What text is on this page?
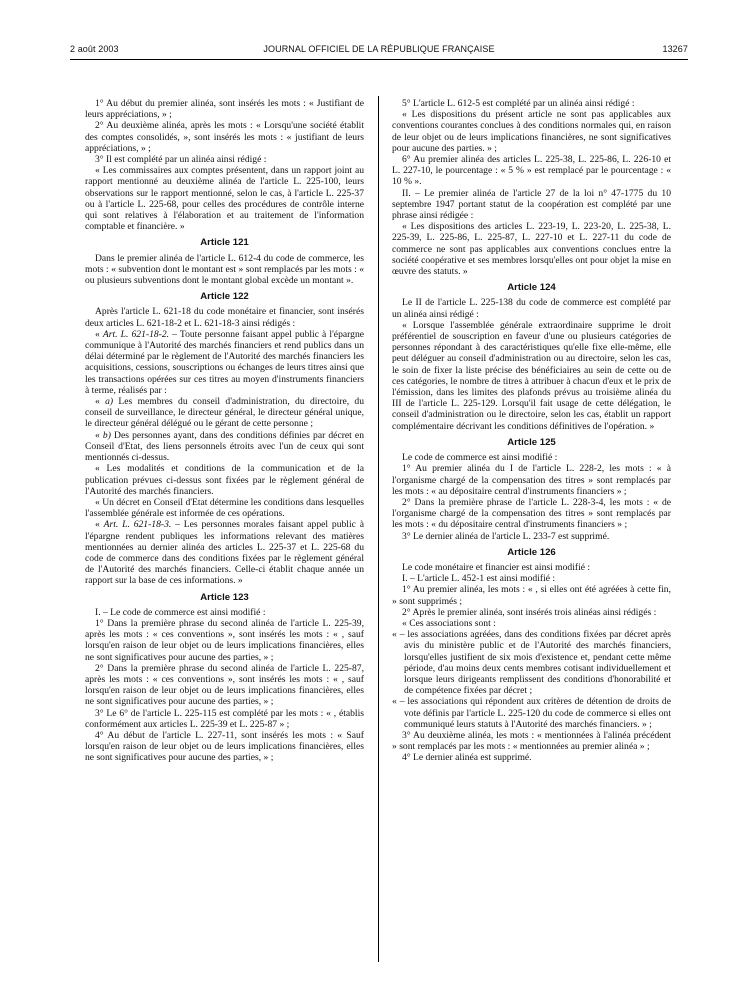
2 août 2003	JOURNAL OFFICIEL DE LA RÉPUBLIQUE FRANÇAISE	13267

1° Au début du premier alinéa, sont insérés les mots : « Justifiant de leurs appréciations, » ;

2° Au deuxième alinéa, après les mots : « Lorsqu'une société établit des comptes consolidés, », sont insérés les mots : « justifiant de leurs appréciations, » ;

3° Il est complété par un alinéa ainsi rédigé :

« Les commissaires aux comptes présentent, dans un rapport joint au rapport mentionné au deuxième alinéa de l'article L. 225-100, leurs observations sur le rapport mentionné, selon le cas, à l'article L. 225-37 ou à l'article L. 225-68, pour celles des procédures de contrôle interne qui sont relatives à l'élaboration et au traitement de l'information comptable et financière. »

Article 121

Dans le premier alinéa de l'article L. 612-4 du code de commerce, les mots : « subvention dont le montant est » sont remplacés par les mots : « ou plusieurs subventions dont le montant global excède un montant ».

Article 122

Après l'article L. 621-18 du code monétaire et financier, sont insérés deux articles L. 621-18-2 et L. 621-18-3 ainsi rédigés :

« Art. L. 621-18-2. – Toute personne faisant appel public à l'épargne communique à l'Autorité des marchés financiers et rend publics dans un délai déterminé par le règlement de l'Autorité des marchés financiers les acquisitions, cessions, souscriptions ou échanges de leurs titres ainsi que les transactions opérées sur ces titres au moyen d'instruments financiers à terme, réalisés par :

« a) Les membres du conseil d'administration, du directoire, du conseil de surveillance, le directeur général, le directeur général unique, le directeur général délégué ou le gérant de cette personne ;

« b) Des personnes ayant, dans des conditions définies par décret en Conseil d'Etat, des liens personnels étroits avec l'un de ceux qui sont mentionnés ci-dessus.

« Les modalités et conditions de la communication et de la publication prévues ci-dessus sont fixées par le règlement général de l'Autorité des marchés financiers.

« Un décret en Conseil d'Etat détermine les conditions dans lesquelles l'assemblée générale est informée de ces opérations.

« Art. L. 621-18-3. – Les personnes morales faisant appel public à l'épargne rendent publiques les informations relevant des matières mentionnées au dernier alinéa des articles L. 225-37 et L. 225-68 du code de commerce dans des conditions fixées par le règlement général de l'Autorité des marchés financiers. Celle-ci établit chaque année un rapport sur la base de ces informations. »

Article 123

I. – Le code de commerce est ainsi modifié :

1° Dans la première phrase du second alinéa de l'article L. 225-39, après les mots : « ces conventions », sont insérés les mots : « , sauf lorsqu'en raison de leur objet ou de leurs implications financières, elles ne sont significatives pour aucune des parties, » ;

2° Dans la première phrase du second alinéa de l'article L. 225-87, après les mots : « ces conventions », sont insérés les mots : « , sauf lorsqu'en raison de leur objet ou de leurs implications financières, elles ne sont significatives pour aucune des parties, » ;

3° Le 6° de l'article L. 225-115 est complété par les mots : « , établis conformément aux articles L. 225-39 et L. 225-87 » ;

4° Au début de l'article L. 227-11, sont insérés les mots : « Sauf lorsqu'en raison de leur objet ou de leurs implications financières, elles ne sont significatives pour aucune des parties, » ;

5° L'article L. 612-5 est complété par un alinéa ainsi rédigé :

« Les dispositions du présent article ne sont pas applicables aux conventions courantes conclues à des conditions normales qui, en raison de leur objet ou de leurs implications financières, ne sont significatives pour aucune des parties. » ;

6° Au premier alinéa des articles L. 225-38, L. 225-86, L. 226-10 et L. 227-10, le pourcentage : « 5 % » est remplacé par le pourcentage : « 10 % ».

II. – Le premier alinéa de l'article 27 de la loi n° 47-1775 du 10 septembre 1947 portant statut de la coopération est complété par une phrase ainsi rédigée :

« Les dispositions des articles L. 223-19, L. 223-20, L. 225-38, L. 225-39, L. 225-86, L. 225-87, L. 227-10 et L. 227-11 du code de commerce ne sont pas applicables aux conventions conclues entre la société coopérative et ses membres lorsqu'elles ont pour objet la mise en œuvre des statuts. »

Article 124

Le II de l'article L. 225-138 du code de commerce est complété par un alinéa ainsi rédigé :

« Lorsque l'assemblée générale extraordinaire supprime le droit préférentiel de souscription en faveur d'une ou plusieurs catégories de personnes répondant à des caractéristiques qu'elle fixe elle-même, elle peut déléguer au conseil d'administration ou au directoire, selon les cas, le soin de fixer la liste précise des bénéficiaires au sein de cette ou de ces catégories, le nombre de titres à attribuer à chacun d'eux et le prix de l'émission, dans les limites des plafonds prévus au troisième alinéa du III de l'article L. 225-129. Lorsqu'il fait usage de cette délégation, le conseil d'administration ou le directoire, selon les cas, établit un rapport complémentaire décrivant les conditions définitives de l'opération. »

Article 125

Le code de commerce est ainsi modifié :

1° Au premier alinéa du I de l'article L. 228-2, les mots : « à l'organisme chargé de la compensation des titres » sont remplacés par les mots : « au dépositaire central d'instruments financiers » ;

2° Dans la première phrase de l'article L. 228-3-4, les mots : « de l'organisme chargé de la compensation des titres » sont remplacés par les mots : « du dépositaire central d'instruments financiers » ;

3° Le dernier alinéa de l'article L. 233-7 est supprimé.

Article 126

Le code monétaire et financier est ainsi modifié :

I. – L'article L. 452-1 est ainsi modifié :

1° Au premier alinéa, les mots : « , si elles ont été agréées à cette fin, » sont supprimés ;

2° Après le premier alinéa, sont insérés trois alinéas ainsi rédigés :

« Ces associations sont :

« – les associations agréées, dans des conditions fixées par décret après avis du ministère public et de l'Autorité des marchés financiers, lorsqu'elles justifient de six mois d'existence et, pendant cette même période, d'au moins deux cents membres cotisant individuellement et lorsque leurs dirigeants remplissent des conditions d'honorabilité et de compétence fixées par décret ;

« – les associations qui répondent aux critères de détention de droits de vote définis par l'article L. 225-120 du code de commerce si elles ont communiqué leurs statuts à l'Autorité des marchés financiers. » ;

3° Au deuxième alinéa, les mots : « mentionnées à l'alinéa précédent » sont remplacés par les mots : « mentionnées au premier alinéa » ;

4° Le dernier alinéa est supprimé.
